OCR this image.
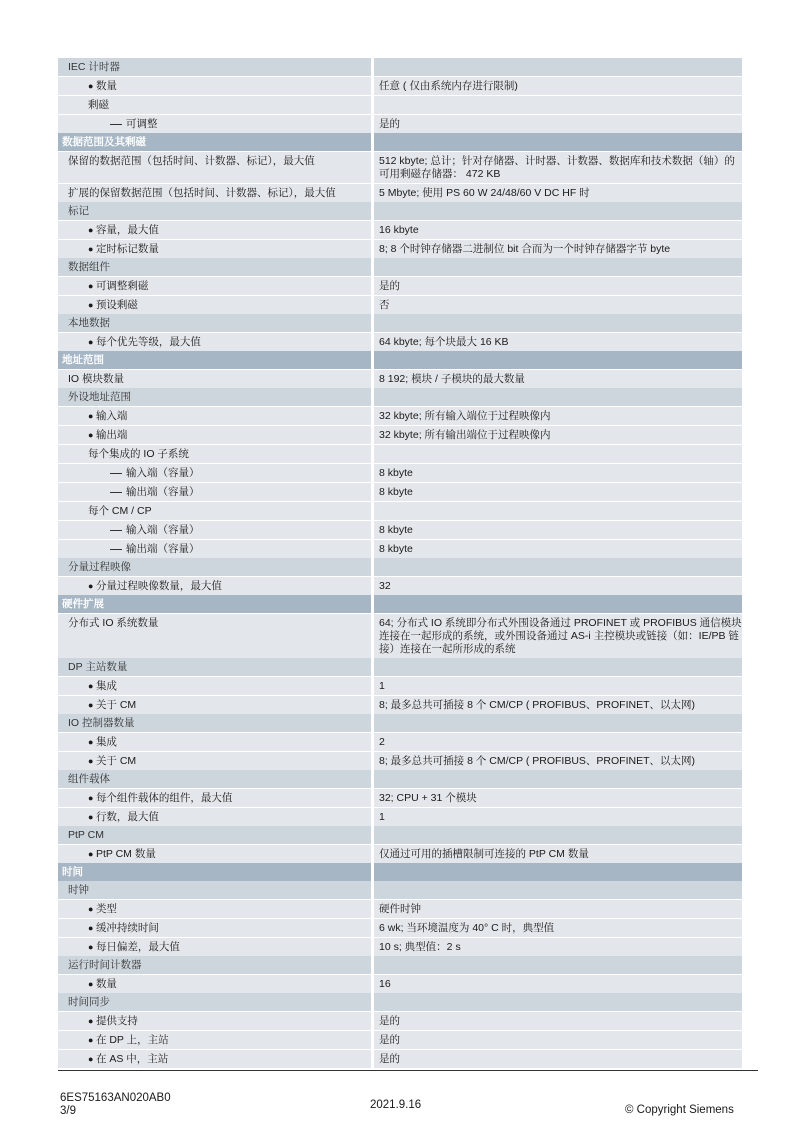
IEC 计时器
● 数量	任意 ( 仅由系统内存进行限制)
剩磁
可调整	是的
数据范围及其剩磁
保留的数据范围（包括时间、计数器、标记），最大值	512 kbyte; 总计；针对存储器、计时器、计数器、数据库和技术数据（轴）的可用剩磁存储器： 472 KB
扩展的保留数据范围（包括时间、计数器、标记），最大值	5 Mbyte; 使用 PS 60 W 24/48/60 V DC HF 时
标记
● 容量，最大值	16 kbyte
● 定时标记数量	8; 8 个时钟存储器二进制位 bit 合而为一个时钟存储器字节 byte
数据组件
● 可调整剩磁	是的
● 预设剩磁	否
本地数据
● 每个优先等级，最大值	64 kbyte; 每个块最大 16 KB
地址范围
IO 模块数量	8 192; 模块 / 子模块的最大数量
外设地址范围
● 输入端	32 kbyte; 所有输入端位于过程映像内
● 输出端	32 kbyte; 所有输出端位于过程映像内
每个集成的 IO 子系统
输入端（容量）	8 kbyte
输出端（容量）	8 kbyte
每个 CM / CP
输入端（容量）	8 kbyte
输出端（容量）	8 kbyte
分量过程映像
● 分量过程映像数量，最大值	32
硬件扩展
分布式 IO 系统数量	64; 分布式 IO 系统即分布式外围设备通过 PROFINET 或 PROFIBUS 通信模块连接在一起形成的系统，或外围设备通过 AS-i 主控模块或链接（如：IE/PB 链接）连接在一起所形成的系统
DP 主站数量
● 集成	1
● 关于 CM	8; 最多总共可插接 8 个 CM/CP ( PROFIBUS、PROFINET、以太网)
IO 控制器数量
● 集成	2
● 关于 CM	8; 最多总共可插接 8 个 CM/CP ( PROFIBUS、PROFINET、以太网)
组件载体
● 每个组件载体的组件，最大值	32; CPU + 31 个模块
● 行数，最大值	1
PtP CM
● PtP CM 数量	仅通过可用的插槽限制可连接的 PtP CM 数量
时间
时钟
● 类型	硬件时钟
● 缓冲持续时间	6 wk; 当环境温度为 40° C 时，典型值
● 每日偏差，最大值	10 s; 典型值：2 s
运行时间计数器
● 数量	16
时间同步
● 提供支持	是的
● 在 DP 上，主站	是的
● 在 AS 中，主站	是的
6ES75163AN020AB0
3/9	2021.9.16	© Copyright Siemens
